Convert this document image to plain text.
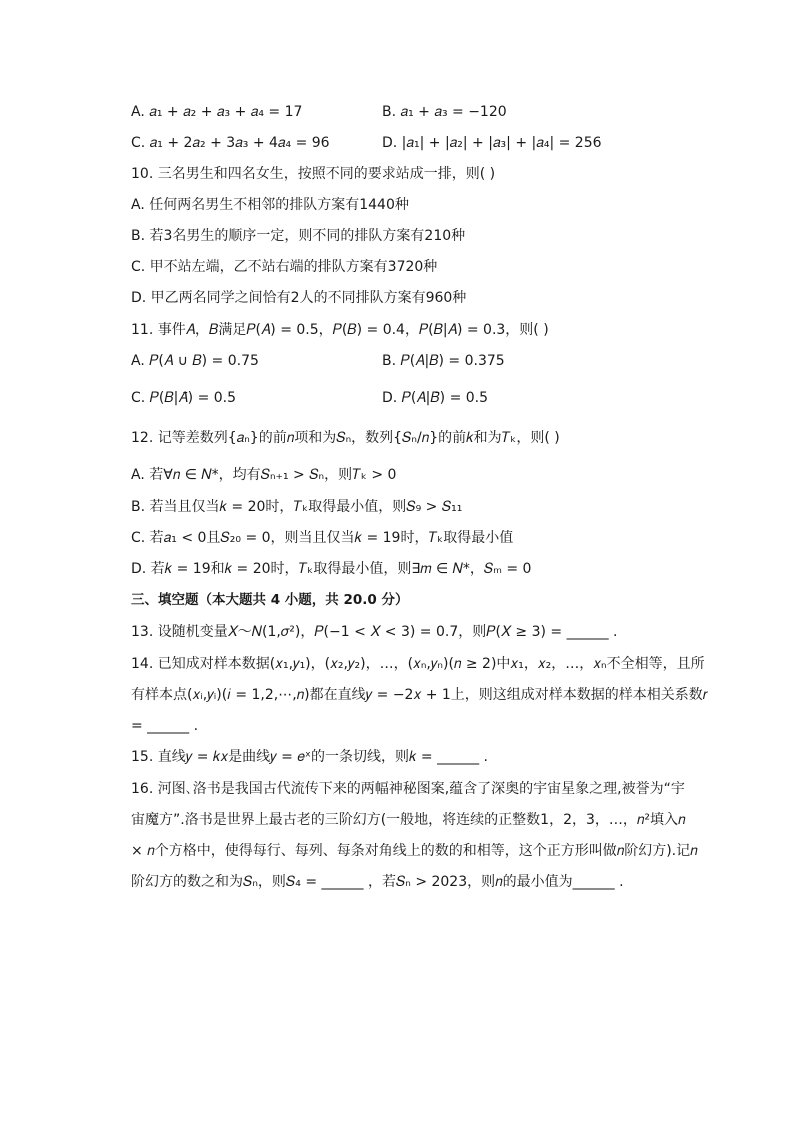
A. 𝑎₁ + 𝑎₂ + 𝑎₃ + 𝑎₄ = 17	B. 𝑎₁ + 𝑎₃ = −120
C. 𝑎₁ + 2𝑎₂ + 3𝑎₃ + 4𝑎₄ = 96	D. |𝑎₁| + |𝑎₂| + |𝑎₃| + |𝑎₄| = 256
10. 三名男生和四名女生，按照不同的要求站成一排，则( )
A. 任何两名男生不相邻的排队方案有1440种
B. 若3名男生的顺序一定，则不同的排队方案有210种
C. 甲不站左端，乙不站右端的排队方案有3720种
D. 甲乙两名同学之间恰有2人的不同排队方案有960种
11. 事件𝐴，𝐵满足𝑃(𝐴) = 0.5，𝑃(𝐵) = 0.4，𝑃(𝐵|𝐴) = 0.3，则( )
A. 𝑃(𝐴 ∪ 𝐵) = 0.75	B. 𝑃(𝐴|𝐵) = 0.375
C. 𝑃(𝐵|𝐴̄) = 0.5	D. 𝑃(𝐴|𝐵̄) = 0.5
12. 记等差数列{𝑎ₙ}的前𝑛项和为𝑆ₙ，数列{𝑆ₙ/𝑛}的前𝑘和为𝑇ₖ，则( )
A. 若∀𝑛 ∈ 𝑁*，均有𝑆ₙ₊₁ > 𝑆ₙ，则𝑇ₖ > 0
B. 若当且仅当𝑘 = 20时，𝑇ₖ取得最小值，则𝑆₉ > 𝑆₁₁
C. 若𝑎₁ < 0且𝑆₂₀ = 0，则当且仅当𝑘 = 19时，𝑇ₖ取得最小值
D. 若𝑘 = 19和𝑘 = 20时，𝑇ₖ取得最小值，则∃𝑚 ∈ 𝑁*，𝑆ₘ = 0
三、填空题（本大题共 4 小题，共 20.0 分）
13. 设随机变量𝑋～𝑁(1,𝜎²)，𝑃(−1 < 𝑋 < 3) = 0.7，则𝑃(𝑋 ≥ 3) = ______ .
14. 已知成对样本数据(𝑥₁,𝑦₁)，(𝑥₂,𝑦₂)，…，(𝑥ₙ,𝑦ₙ)(𝑛 ≥ 2)中𝑥₁，𝑥₂，…，𝑥ₙ不全相等，且所
有样本点(𝑥ᵢ,𝑦ᵢ)(𝑖 = 1,2,⋯,𝑛)都在直线𝑦 = −2𝑥 + 1上，则这组成对样本数据的样本相关系数𝑟
= ______ .
15. 直线𝑦 = 𝑘𝑥是曲线𝑦 = 𝑒ˣ的一条切线，则𝑘 = ______ .
16. 河图､洛书是我国古代流传下来的两幅神秘图案,蕴含了深奥的宇宙星象之理,被誉为“宇
宙魔方”.洛书是世界上最古老的三阶幻方(一般地，将连续的正整数1，2，3，…，𝑛²填入𝑛
× 𝑛个方格中，使得每行、每列、每条对角线上的数的和相等，这个正方形叫做𝑛阶幻方).记𝑛
阶幻方的数之和为𝑆ₙ，则𝑆₄ = ______ ，若𝑆ₙ > 2023，则𝑛的最小值为______ .
